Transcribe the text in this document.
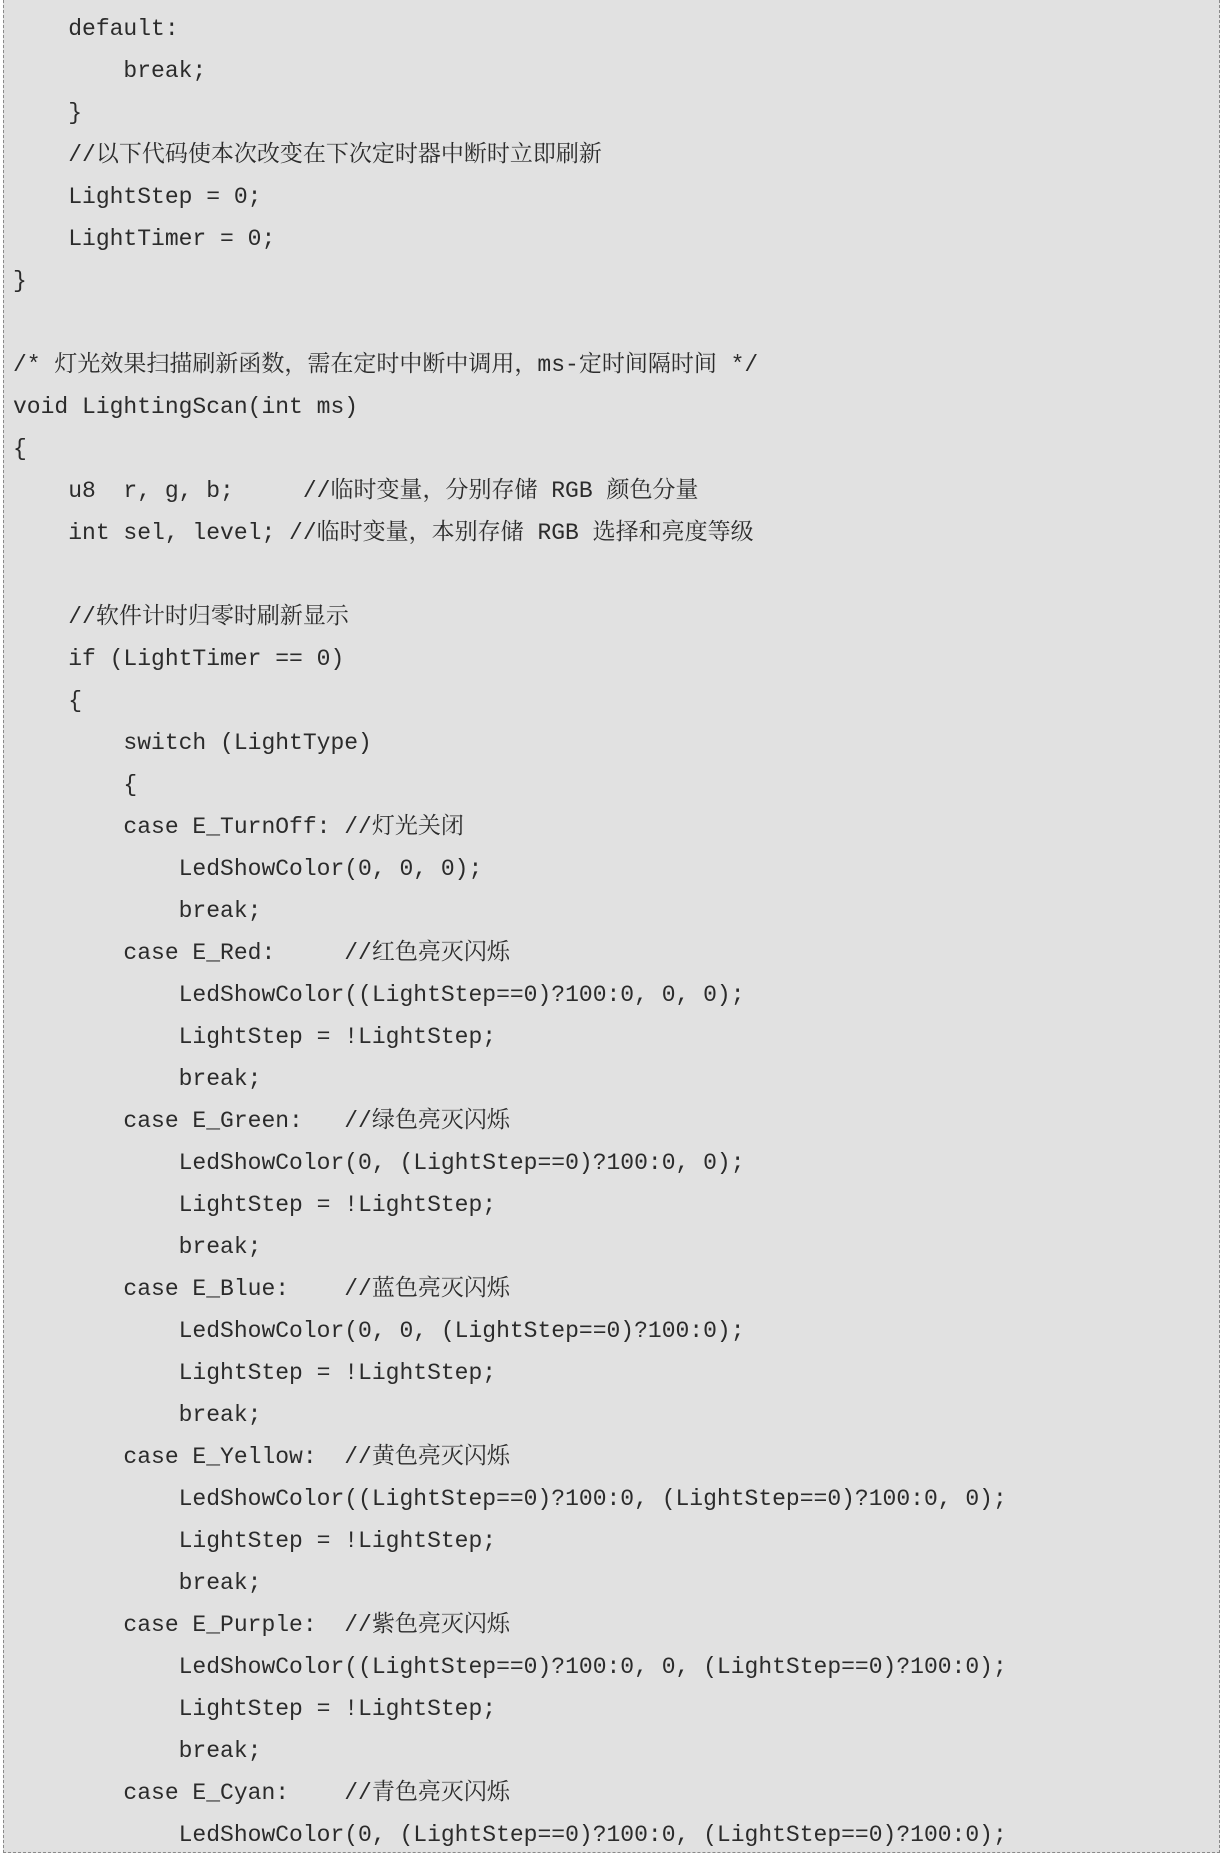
default:
break;
}
//以下代码使本次改变在下次定时器中断时立即刷新
LightStep = 0;
LightTimer = 0;
}
/* 灯光效果扫描刷新函数，需在定时中断中调用，ms-定时间隔时间 */
void LightingScan(int ms)
{
u8  r, g, b;     //临时变量，分别存储 RGB 颜色分量
int sel, level; //临时变量，本别存储 RGB 选择和亮度等级
//软件计时归零时刷新显示
if (LightTimer == 0)
{
switch (LightType)
{
case E_TurnOff: //灯光关闭
LedShowColor(0, 0, 0);
break;
case E_Red:     //红色亮灭闪烁
LedShowColor((LightStep==0)?100:0, 0, 0);
LightStep = !LightStep;
break;
case E_Green:   //绿色亮灭闪烁
LedShowColor(0, (LightStep==0)?100:0, 0);
LightStep = !LightStep;
break;
case E_Blue:    //蓝色亮灭闪烁
LedShowColor(0, 0, (LightStep==0)?100:0);
LightStep = !LightStep;
break;
case E_Yellow:  //黄色亮灭闪烁
LedShowColor((LightStep==0)?100:0, (LightStep==0)?100:0, 0);
LightStep = !LightStep;
break;
case E_Purple:  //紫色亮灭闪烁
LedShowColor((LightStep==0)?100:0, 0, (LightStep==0)?100:0);
LightStep = !LightStep;
break;
case E_Cyan:    //青色亮灭闪烁
LedShowColor(0, (LightStep==0)?100:0, (LightStep==0)?100:0);
